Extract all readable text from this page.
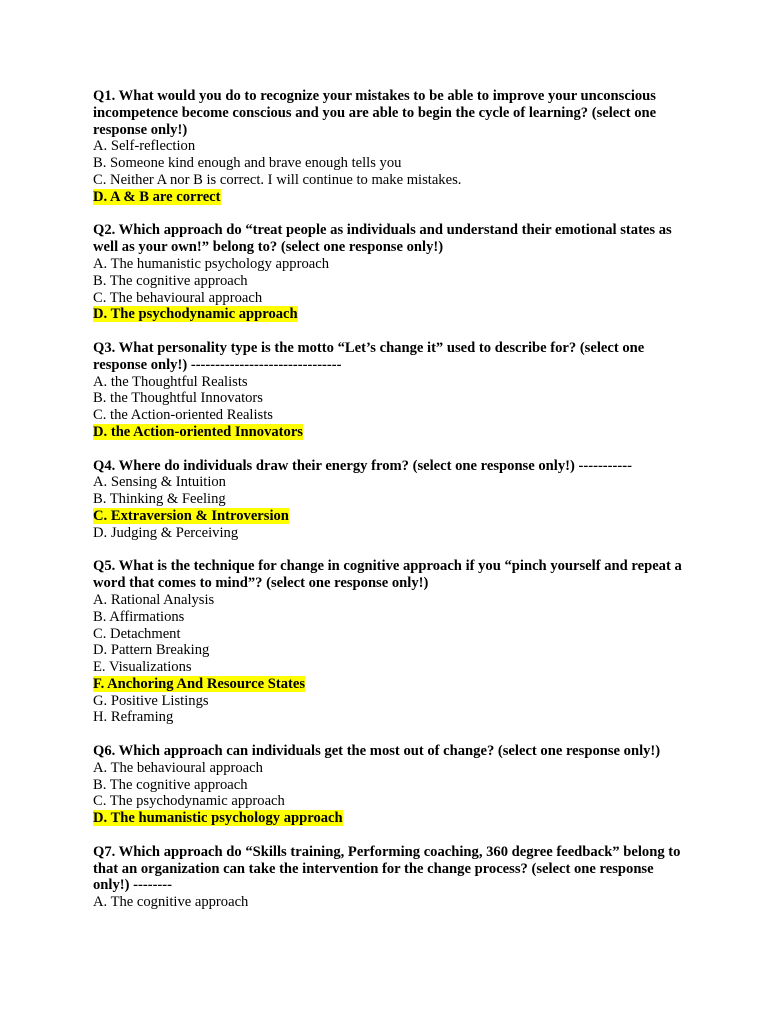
Q1. What would you do to recognize your mistakes to be able to improve your unconscious incompetence become conscious and you are able to begin the cycle of learning? (select one response only!)

A. Self-reflection

B. Someone kind enough and brave enough tells you

C. Neither A nor B is correct. I will continue to make mistakes.

D. A & B are correct

Q2. Which approach do “treat people as individuals and understand their emotional states as well as your own!” belong to? (select one response only!)

A. The humanistic psychology approach

B. The cognitive approach

C. The behavioural approach

D. The psychodynamic approach

Q3. What personality type is the motto “Let’s change it” used to describe for? (select one response only!) -------------------------------

A. the Thoughtful Realists

B. the Thoughtful Innovators

C. the Action-oriented Realists

D. the Action-oriented Innovators

Q4. Where do individuals draw their energy from? (select one response only!) -----------

A. Sensing & Intuition

B. Thinking & Feeling

C. Extraversion & Introversion

D. Judging & Perceiving

Q5. What is the technique for change in cognitive approach if you “pinch yourself and repeat a word that comes to mind”? (select one response only!)

A. Rational Analysis

B. Affirmations

C. Detachment

D. Pattern Breaking

E. Visualizations

F. Anchoring And Resource States

G. Positive Listings

H. Reframing

Q6. Which approach can individuals get the most out of change? (select one response only!)

A. The behavioural approach

B. The cognitive approach

C. The psychodynamic approach

D. The humanistic psychology approach

Q7. Which approach do “Skills training, Performing coaching, 360 degree feedback” belong to that an organization can take the intervention for the change process? (select one response only!) --------

A. The cognitive approach
